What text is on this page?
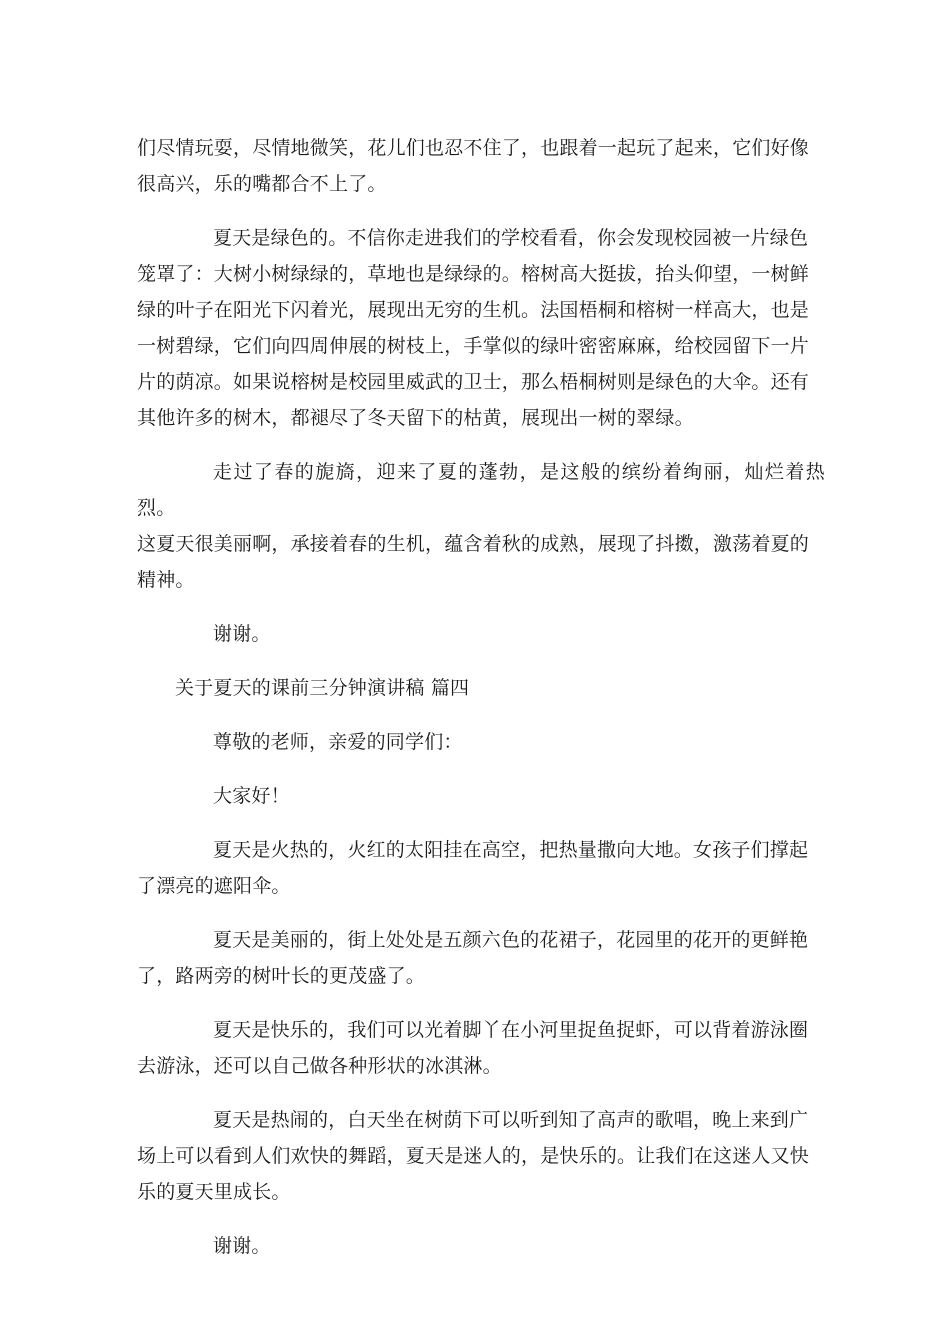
们尽情玩耍，尽情地微笑，花儿们也忍不住了，也跟着一起玩了起来，它们好像
很高兴，乐的嘴都合不上了。

夏天是绿色的。不信你走进我们的学校看看，你会发现校园被一片绿色
笼罩了：大树小树绿绿的，草地也是绿绿的。榕树高大挺拔，抬头仰望，一树鲜
绿的叶子在阳光下闪着光，展现出无穷的生机。法国梧桐和榕树一样高大，也是
一树碧绿，它们向四周伸展的树枝上，手掌似的绿叶密密麻麻，给校园留下一片
片的荫凉。如果说榕树是校园里威武的卫士，那么梧桐树则是绿色的大伞。还有
其他许多的树木，都褪尽了冬天留下的枯黄，展现出一树的翠绿。

走过了春的旎旖，迎来了夏的蓬勃，是这般的缤纷着绚丽，灿烂着热烈。
这夏天很美丽啊，承接着春的生机，蕴含着秋的成熟，展现了抖擞，激荡着夏的
精神。

谢谢。

关于夏天的课前三分钟演讲稿 篇四

尊敬的老师，亲爱的同学们：

大家好！

夏天是火热的，火红的太阳挂在高空，把热量撒向大地。女孩子们撑起
了漂亮的遮阳伞。

夏天是美丽的，街上处处是五颜六色的花裙子，花园里的花开的更鲜艳
了，路两旁的树叶长的更茂盛了。

夏天是快乐的，我们可以光着脚丫在小河里捉鱼捉虾，可以背着游泳圈
去游泳，还可以自己做各种形状的冰淇淋。

夏天是热闹的，白天坐在树荫下可以听到知了高声的歌唱，晚上来到广
场上可以看到人们欢快的舞蹈，夏天是迷人的，是快乐的。让我们在这迷人又快
乐的夏天里成长。

谢谢。
